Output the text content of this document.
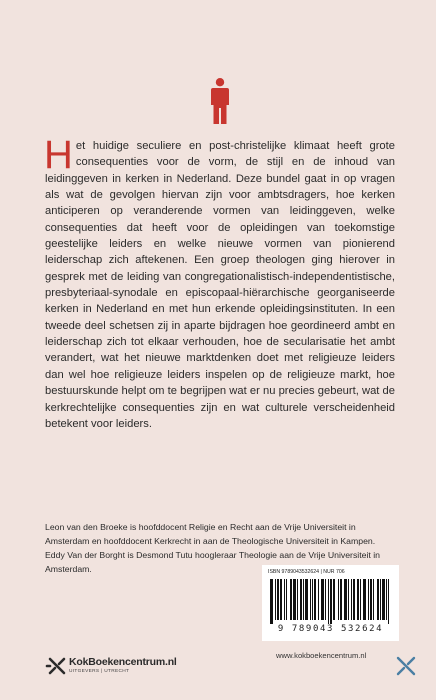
Het huidige seculiere en post-christelijke klimaat heeft grote consequenties voor de vorm, de stijl en de inhoud van leidinggeven in kerken in Nederland. Deze bundel gaat in op vragen als wat de gevolgen hiervan zijn voor ambtsdragers, hoe kerken anticiperen op veranderende vormen van leidinggeven, welke consequenties dat heeft voor de opleidingen van toekomstige geestelijke leiders en welke nieuwe vormen van pionierend leiderschap zich aftekenen. Een groep theologen ging hierover in gesprek met de leiding van congregationalistisch-independentistische, presbyteriaal-synodale en episcopaal-hiërarchische georganiseerde kerken in Nederland en met hun erkende opleidingsinstituten. In een tweede deel schetsen zij in aparte bijdragen hoe geordineerd ambt en leiderschap zich tot elkaar verhouden, hoe de secularisatie het ambt verandert, wat het nieuwe marktdenken doet met religieuze leiders dan wel hoe religieuze leiders inspelen op de religieuze markt, hoe bestuurskunde helpt om te begrijpen wat er nu precies gebeurt, wat de kerkrechtelijke consequenties zijn en wat culturele verscheidenheid betekent voor leiders.

Leon van den Broeke is hoofddocent Religie en Recht aan de Vrije Universiteit in Amsterdam en hoofddocent Kerkrecht in aan de Theologische Universiteit in Kampen.

Eddy Van der Borght is Desmond Tutu hoogleraar Theologie aan de Vrije Universiteit in Amsterdam.	ISBN 9789043532624 | NUR 706
9 789043 532624
KokBoekencentrum.nl
UITGEVERS | UTRECHT
www.kokboekencentrum.nl
